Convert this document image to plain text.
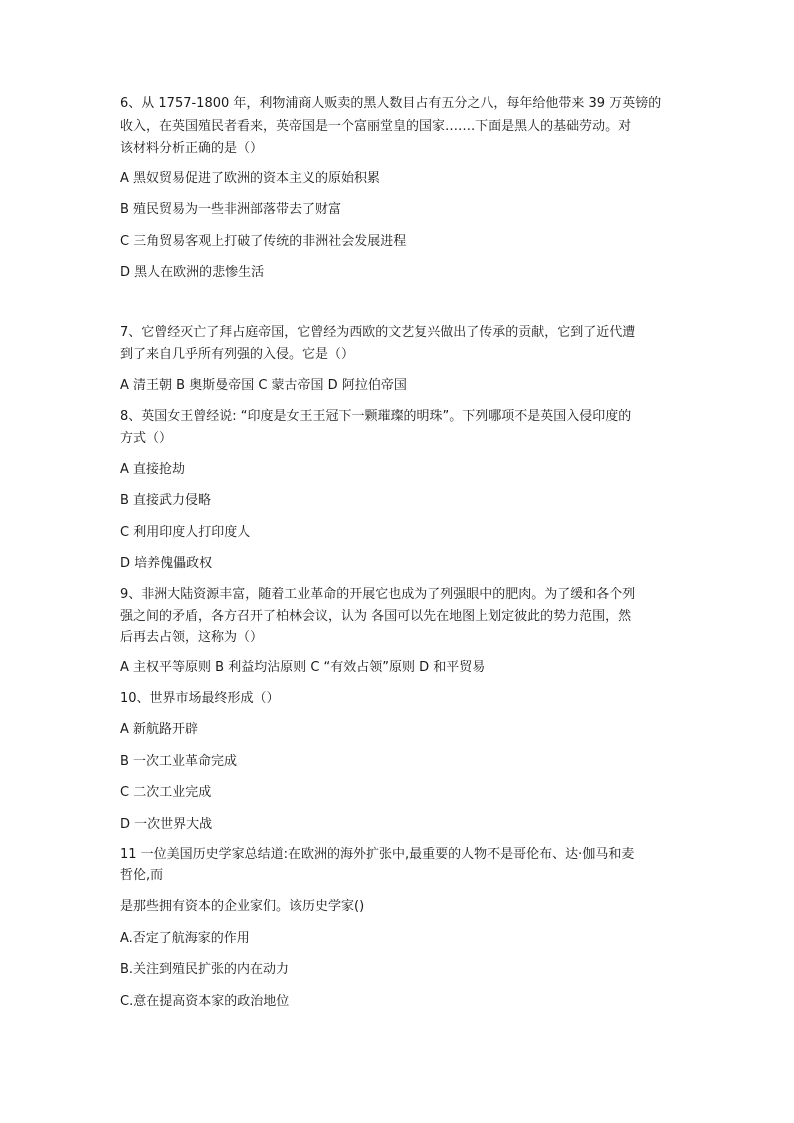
6、从 1757-1800 年，利物浦商人贩卖的黑人数目占有五分之八，每年给他带来 39 万英镑的
收入，在英国殖民者看来，英帝国是一个富丽堂皇的国家…….下面是黑人的基础劳动。对
该材料分析正确的是（）
A 黑奴贸易促进了欧洲的资本主义的原始积累
B 殖民贸易为一些非洲部落带去了财富
C 三角贸易客观上打破了传统的非洲社会发展进程
D 黑人在欧洲的悲惨生活
7、它曾经灭亡了拜占庭帝国，它曾经为西欧的文艺复兴做出了传承的贡献，它到了近代遭
到了来自几乎所有列强的入侵。它是（）
A 清王朝 B 奥斯曼帝国 C 蒙古帝国 D 阿拉伯帝国
8、英国女王曾经说: “印度是女王王冠下一颗璀璨的明珠”。下列哪项不是英国入侵印度的
方式（）
A 直接抢劫
B 直接武力侵略
C 利用印度人打印度人
D 培养傀儡政权
9、非洲大陆资源丰富，随着工业革命的开展它也成为了列强眼中的肥肉。为了缓和各个列
强之间的矛盾，各方召开了柏林会议，认为 各国可以先在地图上划定彼此的势力范围，然
后再去占领，这称为（）
A 主权平等原则 B 利益均沾原则 C “有效占领”原则 D 和平贸易
10、世界市场最终形成（）
A 新航路开辟
B 一次工业革命完成
C 二次工业完成
D 一次世界大战
11 一位美国历史学家总结道:在欧洲的海外扩张中,最重要的人物不是哥伦布、达·伽马和麦
哲伦,而
是那些拥有资本的企业家们。该历史学家()
A.否定了航海家的作用
B.关注到殖民扩张的内在动力
C.意在提高资本家的政治地位
